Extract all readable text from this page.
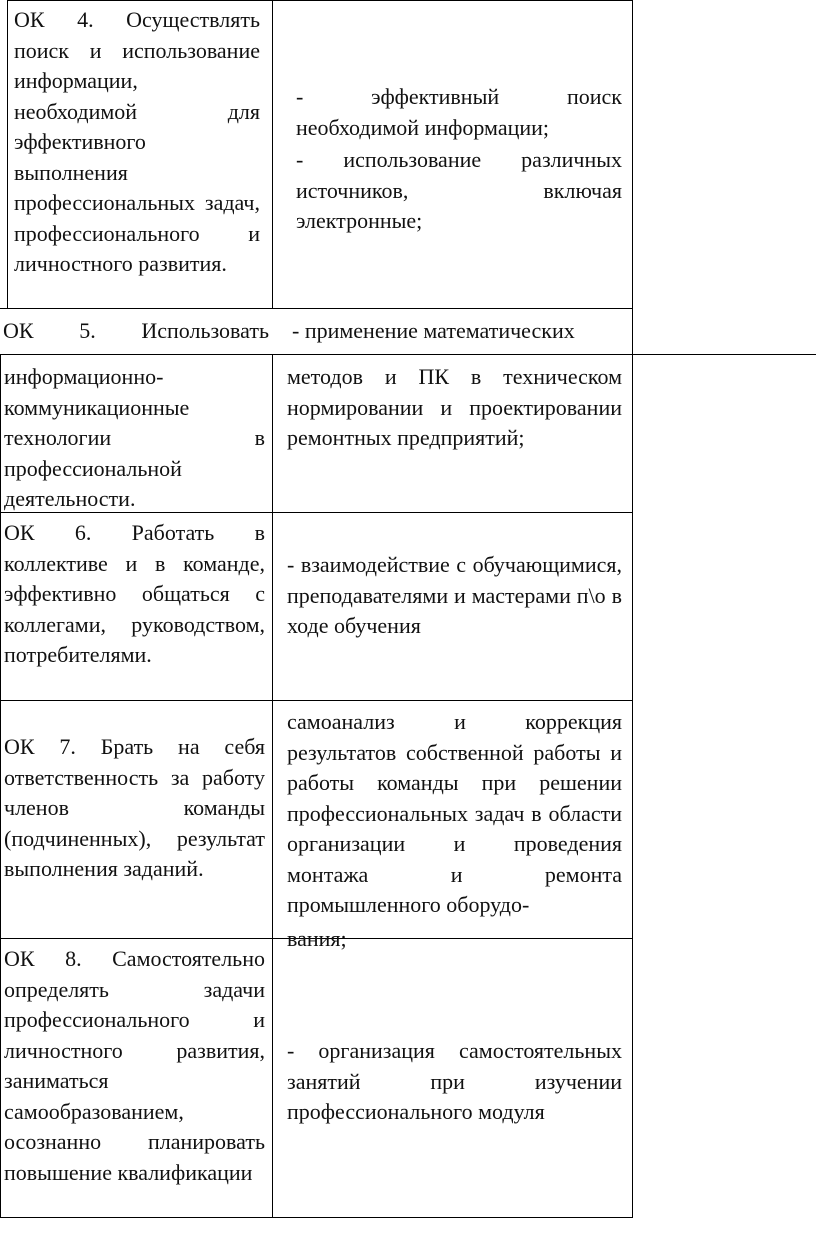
ОК 4. Осуществлять поиск и использование информации, необходимой для эффективного выполнения профессиональных задач, профессионального и личностного развития.

- эффективный поиск необходимой информации;

- использование различных источников, включая электронные;

ОК 5. Использовать - применение математических

информационно-коммуникационные технологии в профессиональной деятельности.

методов и ПК в техническом нормировании и проектировании ремонтных предприятий;

ОК 6. Работать в коллективе и в команде, эффективно общаться с коллегами, руководством, потребителями.

- взаимодействие с обучающимися, преподавателями и мастерами п\о в ходе обучения

ОК 7. Брать на себя ответственность за работу членов команды (подчиненных), результат выполнения заданий.

самоанализ и коррекция результатов собственной работы и работы команды при решении профессиональных задач в области организации и проведения монтажа и ремонта промышленного оборудо-

вания;

ОК 8. Самостоятельно определять задачи профессионального и личностного развития, заниматься самообразованием, осознанно планировать повышение квалификации

- организация самостоятельных занятий при изучении профессионального модуля
